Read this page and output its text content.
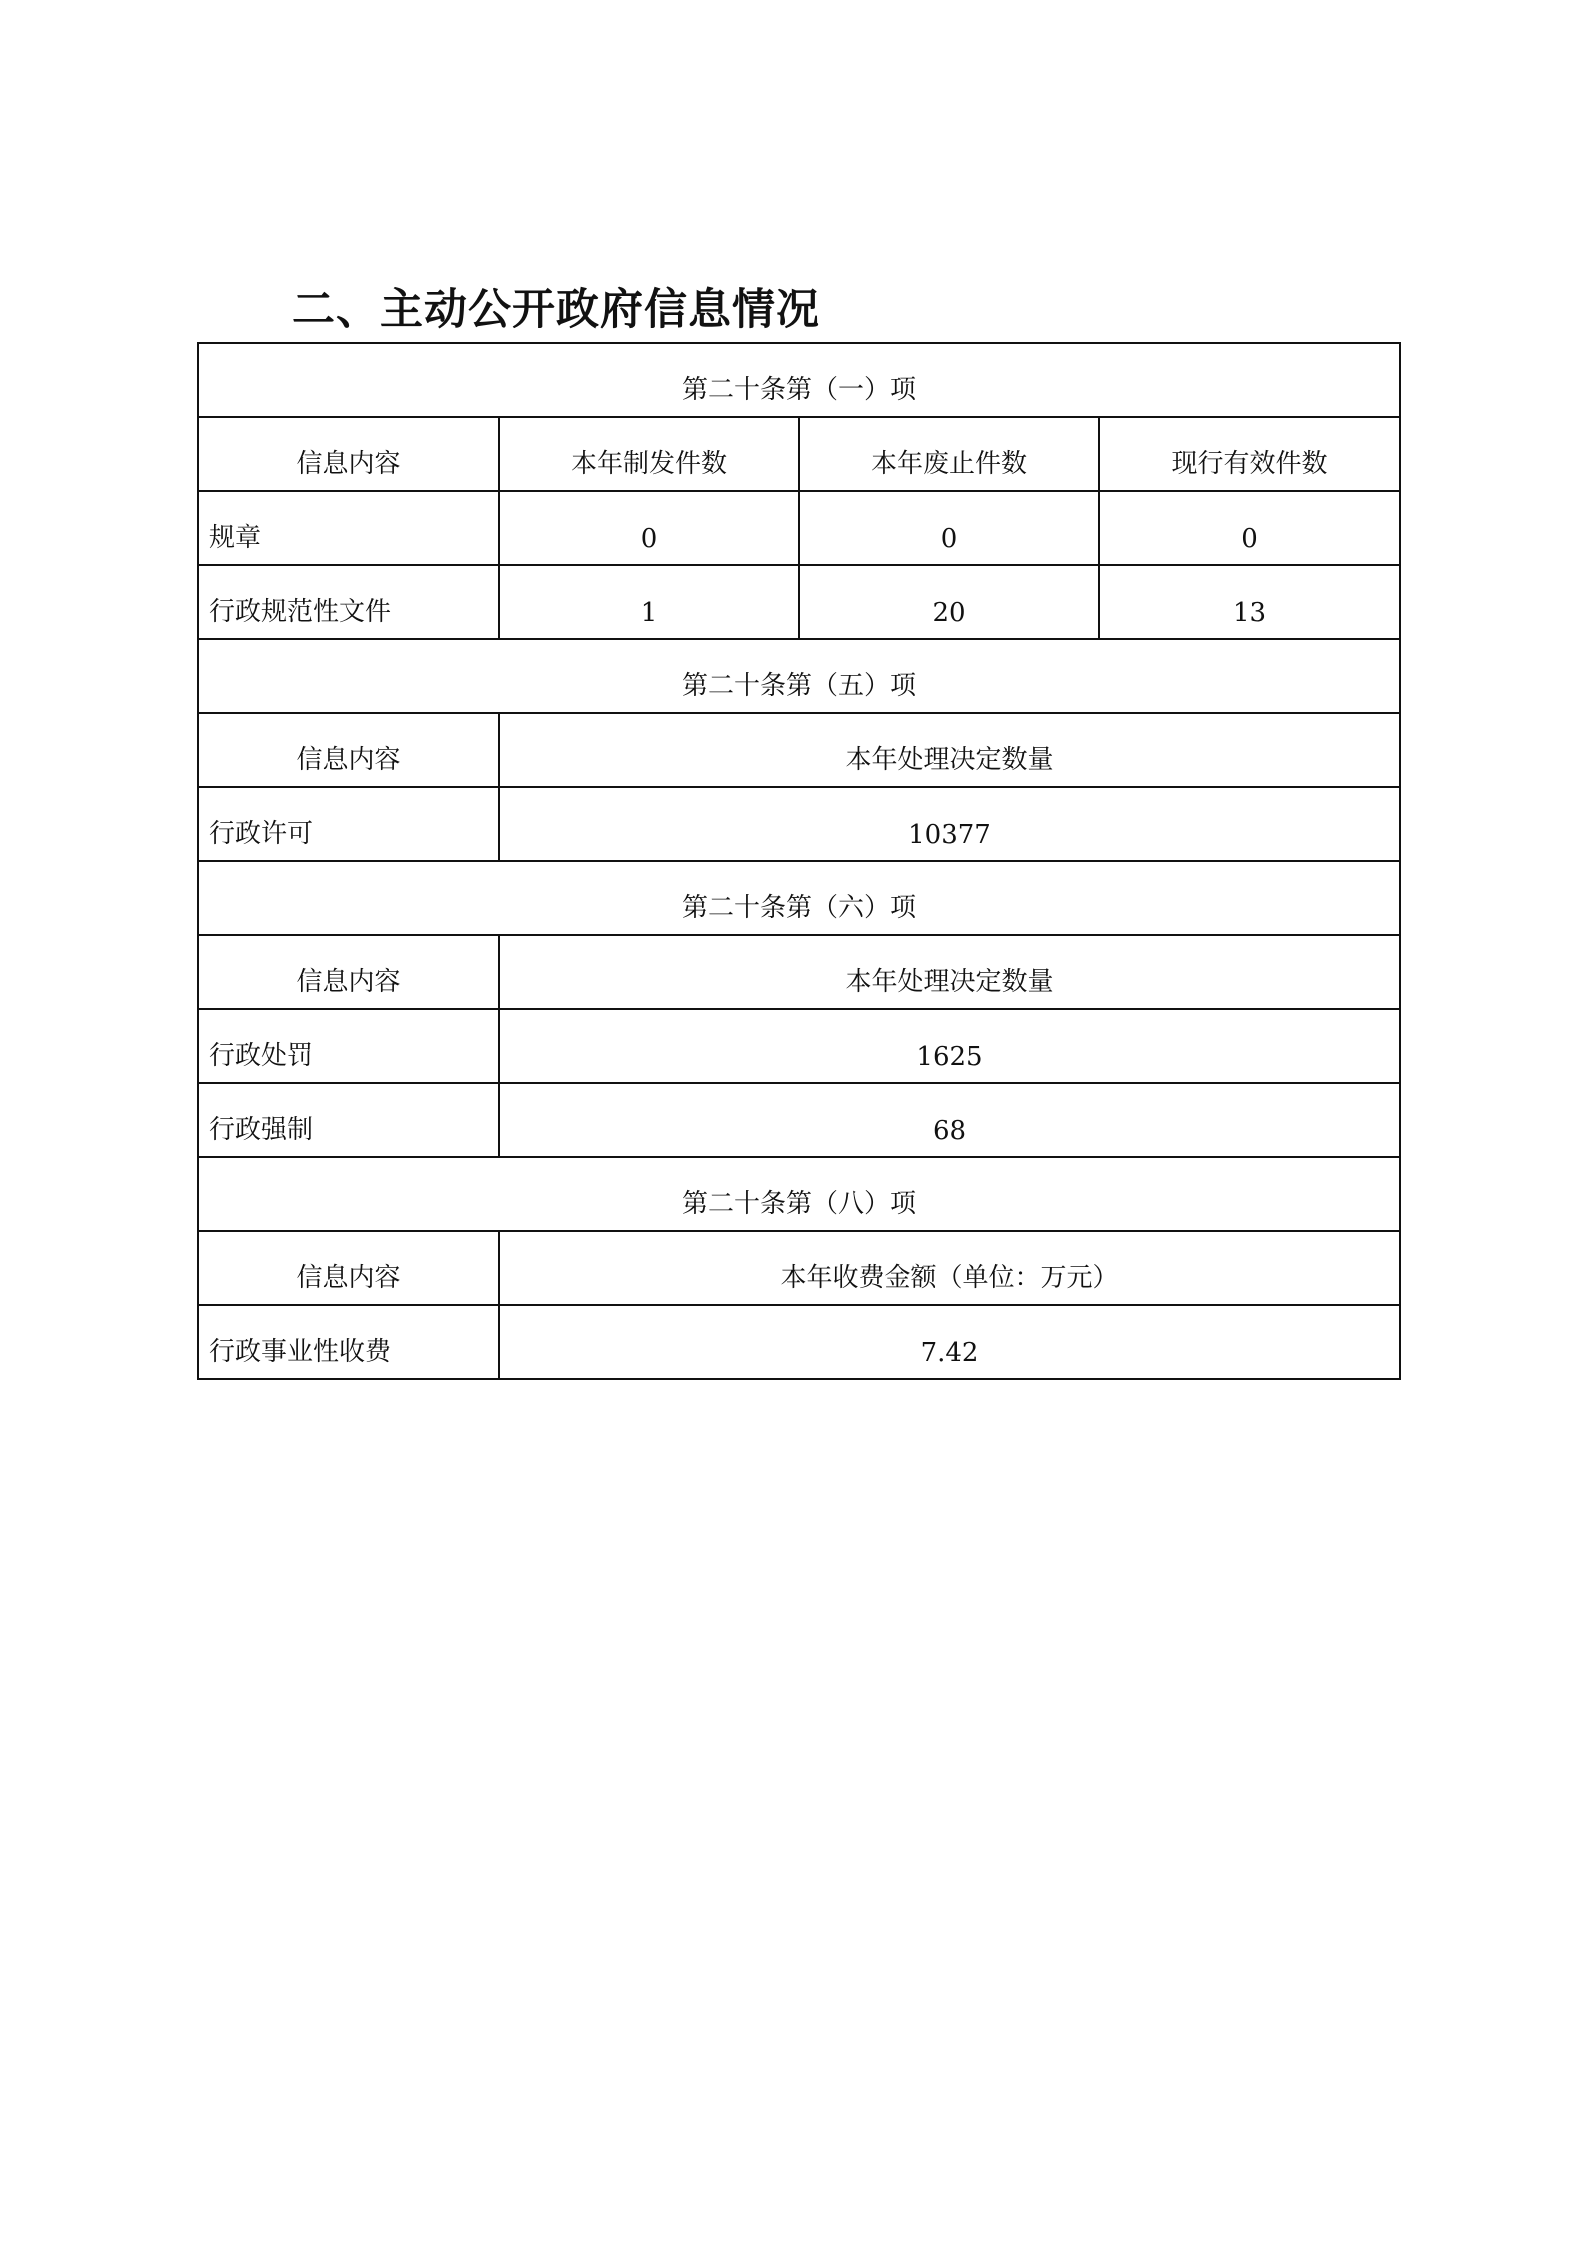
二、主动公开政府信息情况
第二十条第（一）项			
信息内容	本年制发件数	本年废止件数	现行有效件数
规章	0	0	0
行政规范性文件	1	20	13
第二十条第（五）项			
信息内容	本年处理决定数量		
行政许可	10377		
第二十条第（六）项			
信息内容	本年处理决定数量		
行政处罚	1625		
行政强制	68		
第二十条第（八）项			
信息内容	本年收费金额（单位：万元）		
行政事业性收费	7.42		
